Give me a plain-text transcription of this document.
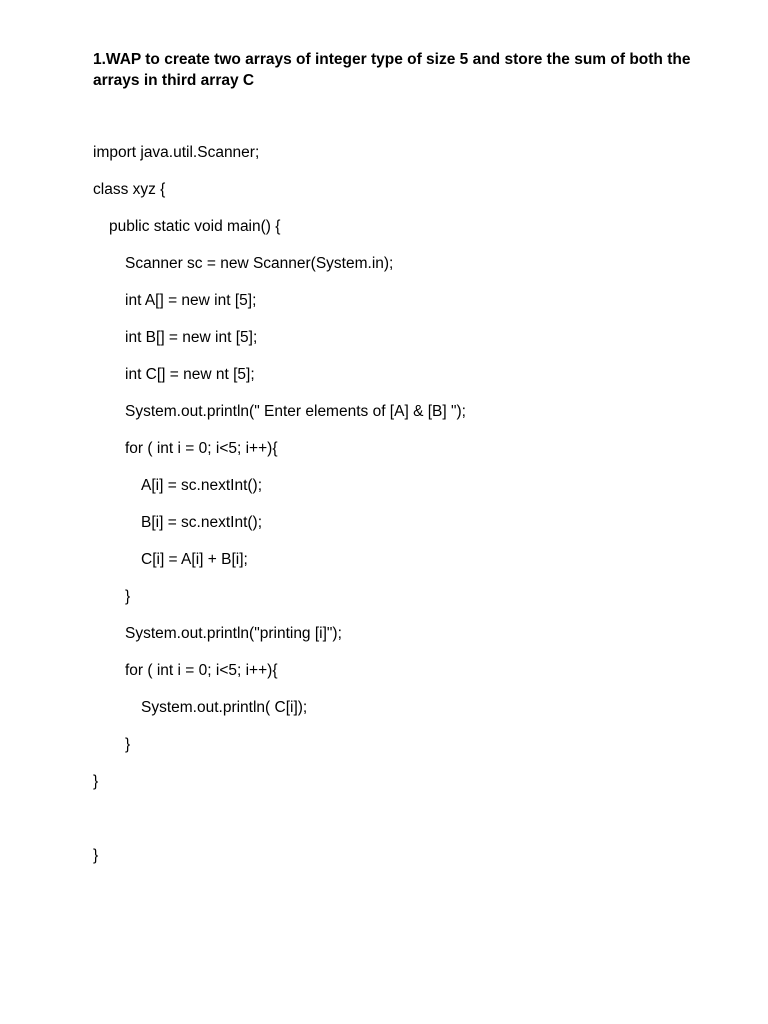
1.WAP to create two arrays of integer type of size 5 and store the sum of both the arrays in third array C

import java.util.Scanner;

class xyz {

public static void main() {

Scanner sc = new Scanner(System.in);

int A[] = new int [5];

int B[] = new int [5];

int C[] = new nt [5];

System.out.println(" Enter elements of [A] & [B] ");

for ( int i = 0; i<5; i++){

A[i] = sc.nextInt();

B[i] = sc.nextInt();

C[i] = A[i] + B[i];

}

System.out.println("printing [i]");

for ( int i = 0; i<5; i++){

System.out.println( C[i]);

}

}

}
